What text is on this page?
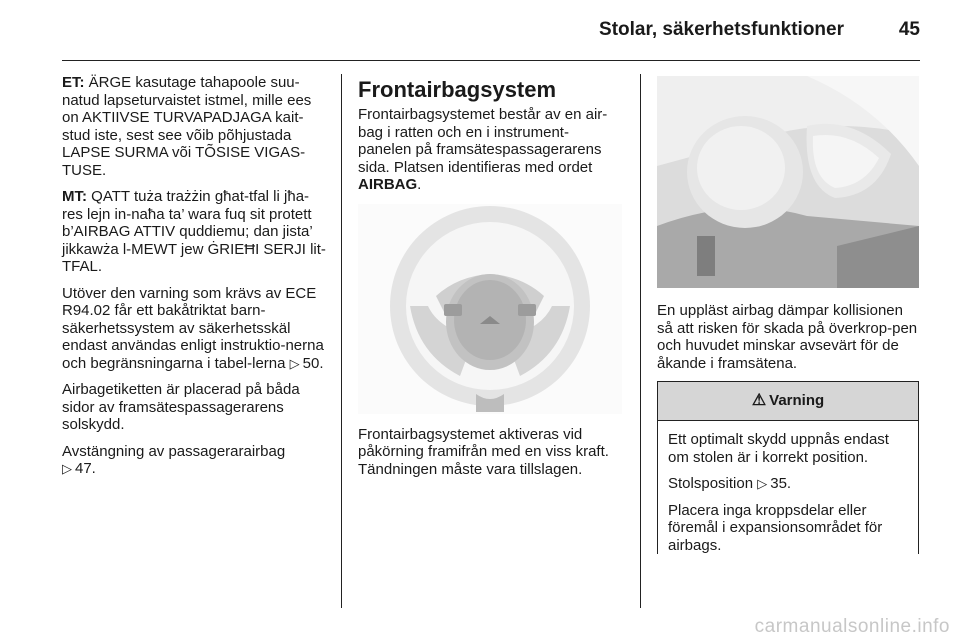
Stolar, säkerhetsfunktioner	45

ET: ÄRGE kasutage tahapoole suu-natud lapseturvaistet istmel, mille ees on AKTIIVSE TURVAPADJAGA kait-stud iste, sest see võib põhjustada LAPSE SURMA või TÕSISE VIGAS-TUSE.

MT: QATT tuża trażżin għat-tfal li jħa-res lejn in-naħa ta’ wara fuq sit protett b’AIRBAG ATTIV quddiemu; dan jista’ jikkawża l-MEWT jew ĠRIEĦI SERJI lit-TFAL.

Utöver den varning som krävs av ECE R94.02 får ett bakåtriktat barn-säkerhetssystem av säkerhetsskäl endast användas enligt instruktio-nerna och begränsningarna i tabel-lerna ▷ 50.

Airbagetiketten är placerad på båda sidor av framsätespassagerarens solskydd.

Avstängning av passagerarairbag
▷ 47.

Frontairbagsystem

Frontairbagsystemet består av en air-bag i ratten och en i instrument-panelen på framsätespassagerarens sida. Platsen identifieras med ordet AIRBAG.

Frontairbagsystemet aktiveras vid påkörning framifrån med en viss kraft. Tändningen måste vara tillslagen.

En uppläst airbag dämpar kollisionen så att risken för skada på överkrop-pen och huvudet minskar avsevärt för de åkande i framsätena.

⚠ Varning

Ett optimalt skydd uppnås endast om stolen är i korrekt position.

Stolsposition ▷ 35.

Placera inga kroppsdelar eller föremål i expansionsområdet för airbags.

carmanualsonline.info
